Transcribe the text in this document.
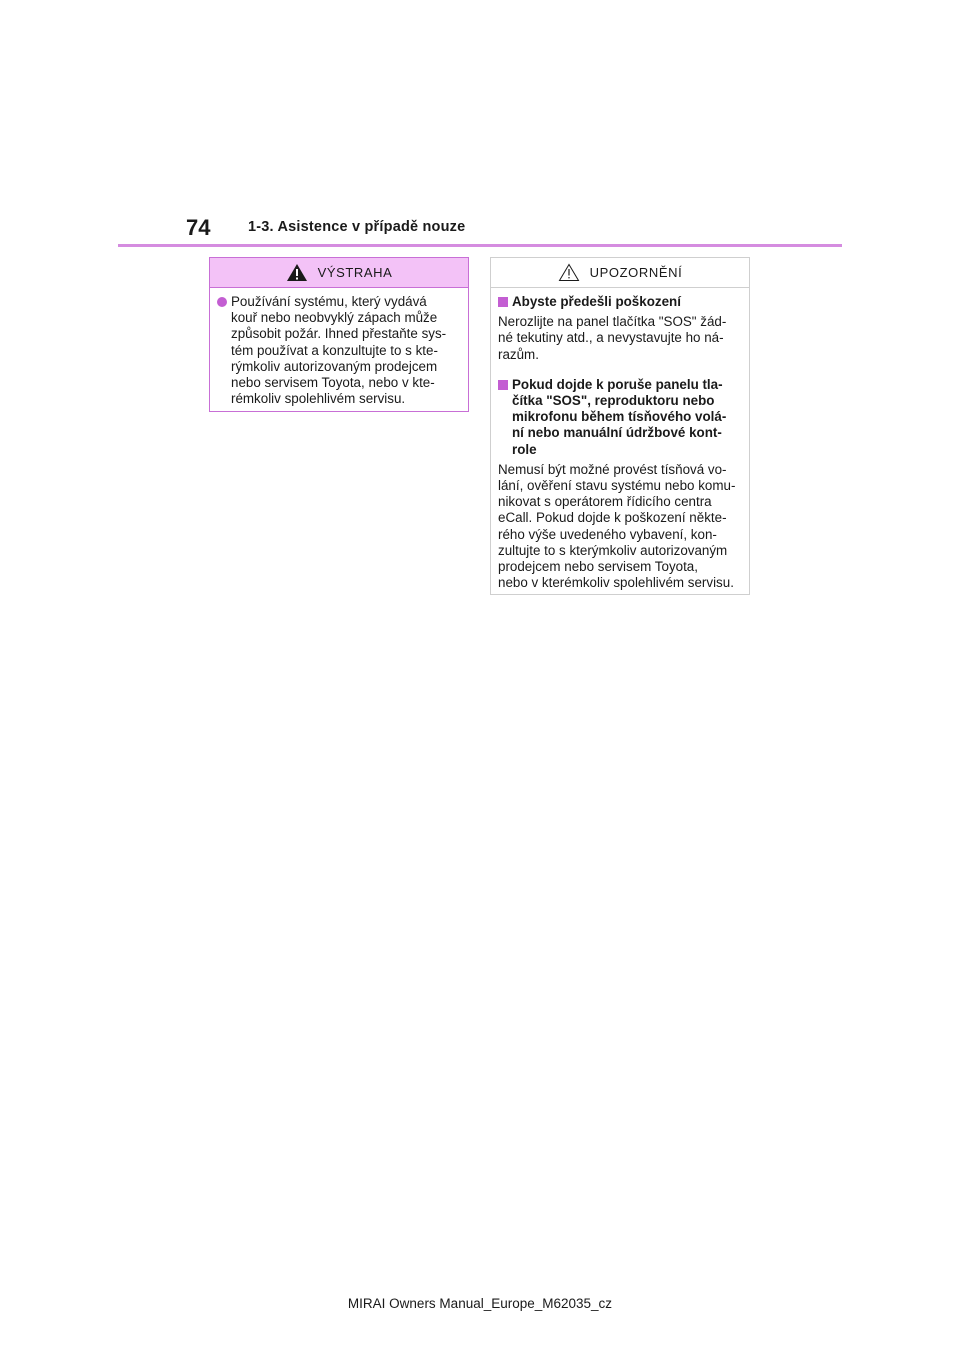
74	1-3. Asistence v případě nouze
VÝSTRAHA
Používání systému, který vydává
kouř nebo neobvyklý zápach může
způsobit požár. Ihned přestaňte sys-
tém používat a konzultujte to s kte-
rýmkoliv autorizovaným prodejcem
nebo servisem Toyota, nebo v kte-
rémkoliv spolehlivém servisu.
UPOZORNĚNÍ
Abyste předešli poškození
Nerozlijte na panel tlačítka "SOS" žád-
né tekutiny atd., a nevystavujte ho ná-
razům.
Pokud dojde k poruše panelu tla-
čítka "SOS", reproduktoru nebo
mikrofonu během tísňového volá-
ní nebo manuální údržbové kont-
role
Nemusí být možné provést tísňová vo-
lání, ověření stavu systému nebo komu-
nikovat s operátorem řídicího centra
eCall. Pokud dojde k poškození někte-
rého výše uvedeného vybavení, kon-
zultujte to s kterýmkoliv autorizovaným
prodejcem nebo servisem Toyota,
nebo v kterémkoliv spolehlivém servisu.
MIRAI Owners Manual_Europe_M62035_cz
